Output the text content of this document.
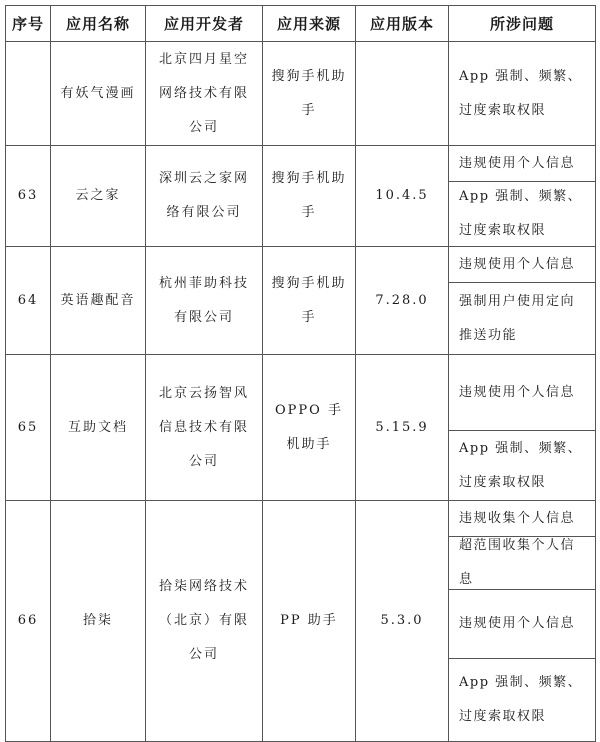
序号	应用名称	应用开发者	应用来源	应用版本	所涉问题

	有妖气漫画	北京四月星空网络技术有限公司	搜狗手机助手		App 强制、频繁、过度索取权限

63	云之家	深圳云之家网络有限公司	搜狗手机助手	10.4.5	违规使用个人信息
App 强制、频繁、过度索取权限

64	英语趣配音	杭州菲助科技有限公司	搜狗手机助手	7.28.0	违规使用个人信息
强制用户使用定向推送功能

65	互助文档	北京云扬智风信息技术有限公司	OPPO 手机助手	5.15.9	违规使用个人信息
App 强制、频繁、过度索取权限

66	拾柒	拾柒网络技术（北京）有限公司	PP 助手	5.3.0	违规收集个人信息
超范围收集个人信息
违规使用个人信息
App 强制、频繁、过度索取权限
